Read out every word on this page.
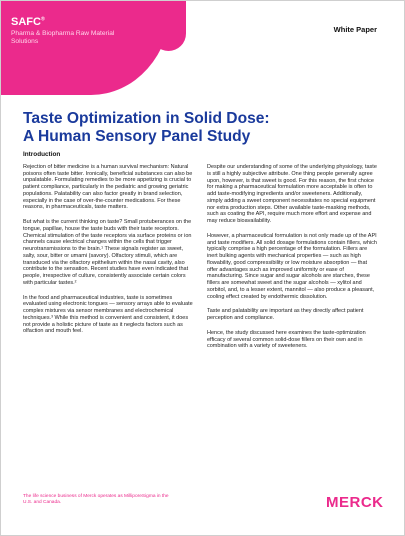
SAFC®
Pharma & Biopharma Raw Material Solutions
White Paper
Taste Optimization in Solid Dose:
A Human Sensory Panel Study
Introduction

Rejection of bitter medicine is a human survival mechanism: Natural poisons often taste bitter. Ironically, beneficial substances can also be unpalatable. Formulating remedies to be more appetizing is crucial to patient compliance, particularly in the pediatric and growing geriatric populations. Palatability can also factor greatly in brand selection, especially in the case of over-the-counter medications. For these reasons, in pharmaceuticals, taste matters.

But what is the current thinking on taste? Small protuberances on the tongue, papillae, house the taste buds with their taste receptors. Chemical stimulation of the taste receptors via surface proteins or ion channels cause electrical changes within the cells that trigger neurotransmissions to the brain.¹ These signals register as sweet, salty, sour, bitter or umami (savory). Olfactory stimuli, which are transduced via the olfactory epithelium within the nasal cavity, also contribute to the sensation. Recent studies have even indicated that people, irrespective of culture, consistently associate certain colors with particular tastes.²

In the food and pharmaceutical industries, taste is sometimes evaluated using electronic tongues — sensory arrays able to evaluate complex mixtures via sensor membranes and electrochemical techniques.³ While this method is convenient and consistent, it does not provide a holistic picture of taste as it neglects factors such as olfaction and mouth feel.

Despite our understanding of some of the underlying physiology, taste is still a highly subjective attribute. One thing people generally agree upon, however, is that sweet is good. For this reason, the first choice for making a pharmaceutical formulation more acceptable is often to add taste-modifying ingredients and/or sweeteners. Additionally, simply adding a sweet component necessitates no special equipment nor extra production steps. Other available taste-masking methods, such as coating the API, require much more effort and expense and may reduce bioavailability.

However, a pharmaceutical formulation is not only made up of the API and taste modifiers. All solid dosage formulations contain fillers, which typically comprise a high percentage of the formulation. Fillers are inert bulking agents with mechanical properties — such as high flowability, good compressibility or low moisture absorption — that offer advantages such as improved uniformity or ease of manufacturing. Since sugar and sugar alcohols are starches, these fillers are somewhat sweet and the sugar alcohols — xylitol and sorbitol, and, to a lesser extent, mannitol — also produce a pleasant, cooling effect created by endothermic dissolution.

Taste and palatability are important as they directly affect patient perception and compliance.

Hence, the study discussed here examines the taste-optimization efficacy of several common solid-dose fillers on their own and in combination with a variety of sweeteners.

The life science business of Merck operates as MilliporeSigma in the U.S. and Canada.	MERCK
